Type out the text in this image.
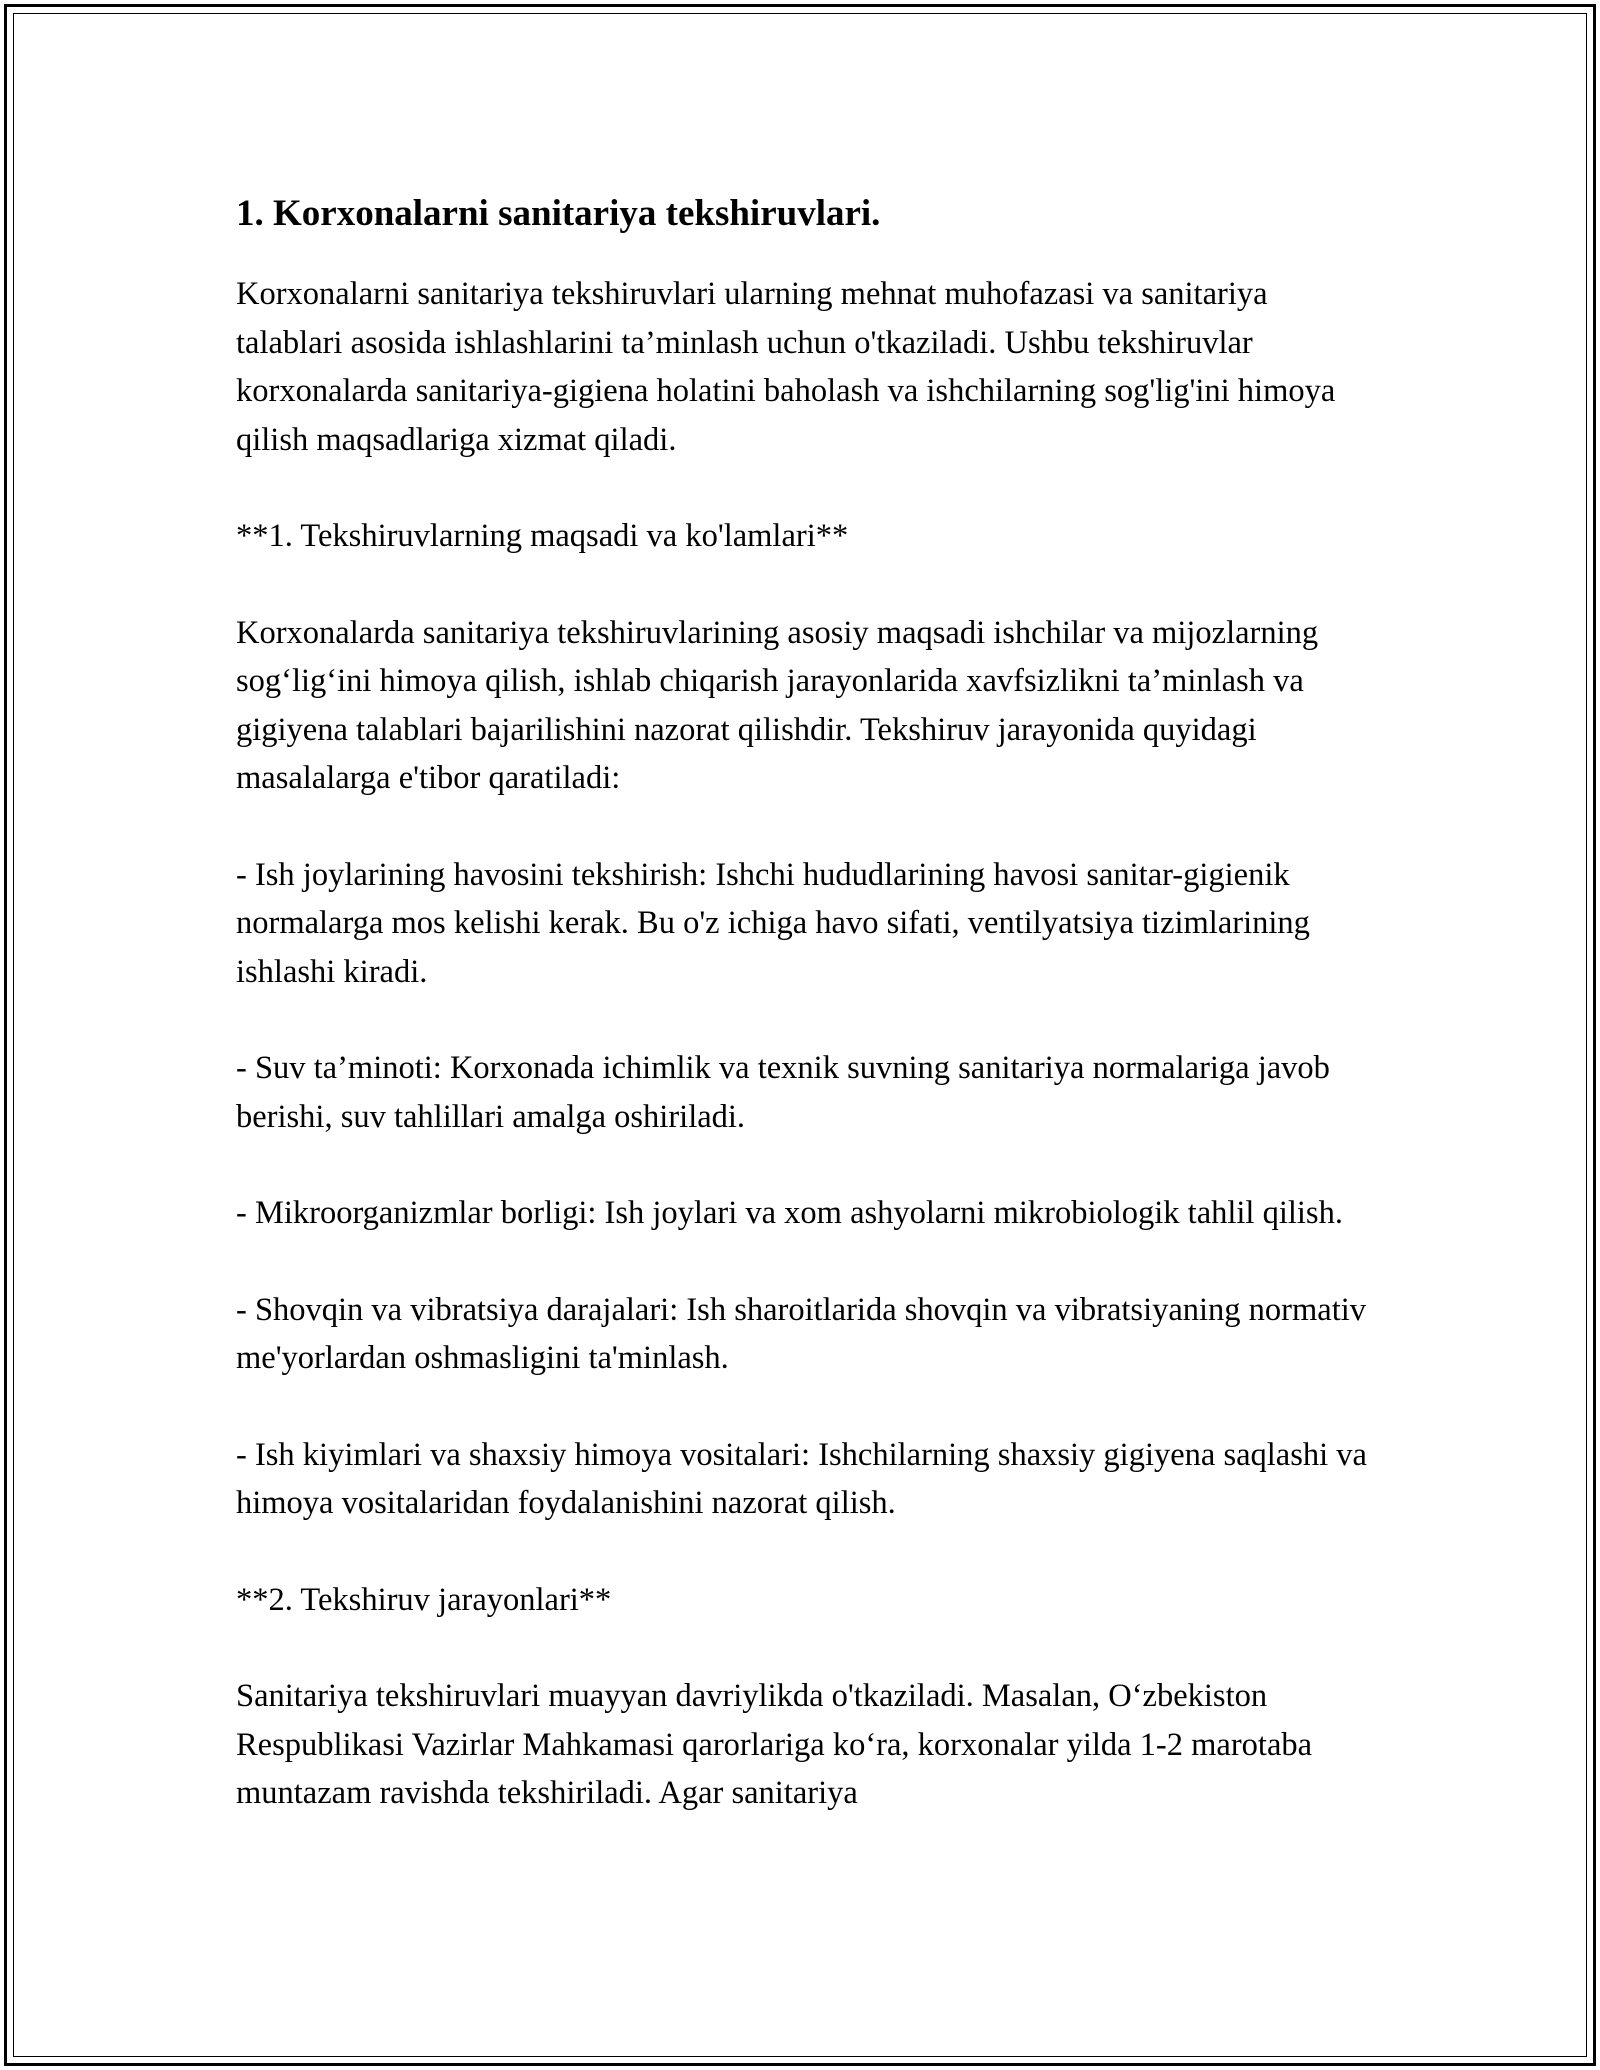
1. Korxonalarni sanitariya tekshiruvlari.

Korxonalarni sanitariya tekshiruvlari ularning mehnat muhofazasi va sanitariya talablari asosida ishlashlarini ta’minlash uchun o'tkaziladi. Ushbu tekshiruvlar korxonalarda sanitariya-gigiena holatini baholash va ishchilarning sog'lig'ini himoya qilish maqsadlariga xizmat qiladi.

**1. Tekshiruvlarning maqsadi va ko'lamlari**

Korxonalarda sanitariya tekshiruvlarining asosiy maqsadi ishchilar va mijozlarning sog‘lig‘ini himoya qilish, ishlab chiqarish jarayonlarida xavfsizlikni ta’minlash va gigiyena talablari bajarilishini nazorat qilishdir. Tekshiruv jarayonida quyidagi masalalarga e'tibor qaratiladi:

- Ish joylarining havosini tekshirish: Ishchi hududlarining havosi sanitar-gigienik normalarga mos kelishi kerak. Bu o'z ichiga havo sifati, ventilyatsiya tizimlarining ishlashi kiradi.

- Suv ta’minoti: Korxonada ichimlik va texnik suvning sanitariya normalariga javob berishi, suv tahlillari amalga oshiriladi.

- Mikroorganizmlar borligi: Ish joylari va xom ashyolarni mikrobiologik tahlil qilish.

- Shovqin va vibratsiya darajalari: Ish sharoitlarida shovqin va vibratsiyaning normativ me'yorlardan oshmasligini ta'minlash.

- Ish kiyimlari va shaxsiy himoya vositalari: Ishchilarning shaxsiy gigiyena saqlashi va himoya vositalaridan foydalanishini nazorat qilish.

**2. Tekshiruv jarayonlari**

Sanitariya tekshiruvlari muayyan davriylikda o'tkaziladi. Masalan, O‘zbekiston Respublikasi Vazirlar Mahkamasi qarorlariga ko‘ra, korxonalar yilda 1-2 marotaba muntazam ravishda tekshiriladi. Agar sanitariya
